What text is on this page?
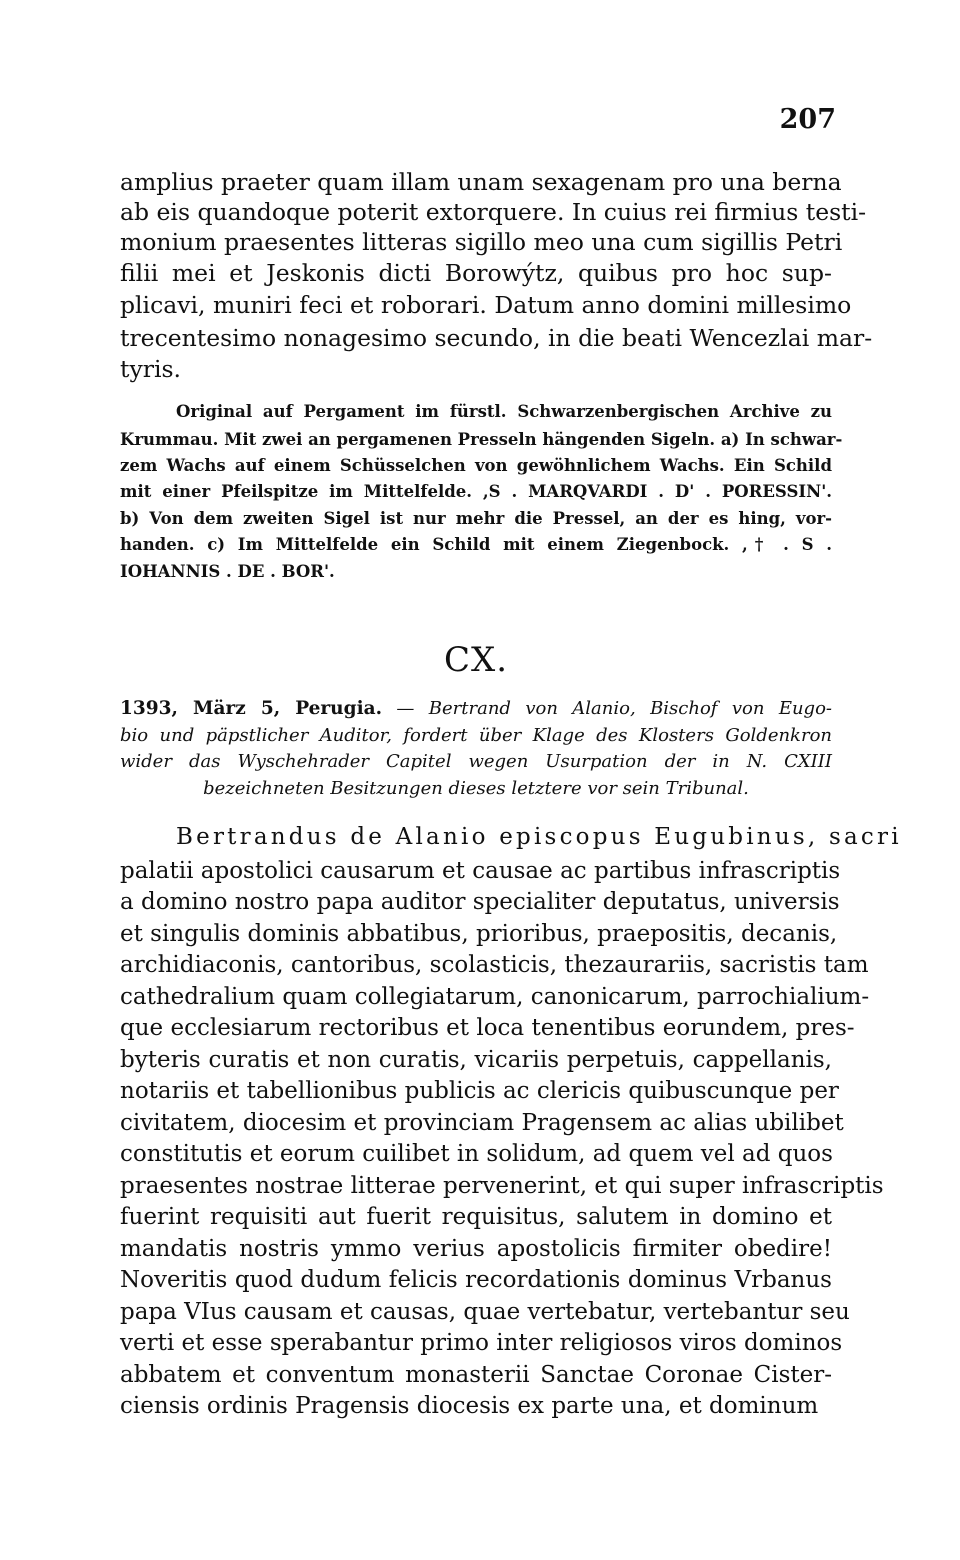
207
amplius praeter quam illam unam sexagenam pro una berna
ab eis quandoque poterit extorquere. In cuius rei firmius testi-
monium praesentes litteras sigillo meo una cum sigillis Petri
filii mei et Jeskonis dicti Borowýtz, quibus pro hoc sup-
plicavi, muniri feci et roborari. Datum anno domini millesimo
trecentesimo nonagesimo secundo, in die beati Wencezlai mar-
tyris.
Original auf Pergament im fürstl. Schwarzenbergischen Archive zu
Krummau. Mit zwei an pergamenen Presseln hängenden Sigeln. a) In schwar-
zem Wachs auf einem Schüsselchen von gewöhnlichem Wachs. Ein Schild
mit einer Pfeilspitze im Mittelfelde. ,S . MARQVARDI . D' . PORESSIN'.
b) Von dem zweiten Sigel ist nur mehr die Pressel, an der es hing, vor-
handen. c) Im Mittelfelde ein Schild mit einem Ziegenbock. ,† . S .
IOHANNIS . DE . BOR'.
CX.
1393, März 5, Perugia. — Bertrand von Alanio, Bischof von Eugo-
bio und päpstlicher Auditor, fordert über Klage des Klosters Goldenkron
wider das Wyschehrader Capitel wegen Usurpation der in N. CXIII
bezeichneten Besitzungen dieses letztere vor sein Tribunal.
Bertrandus de Alanio episcopus Eugubinus, sacri
palatii apostolici causarum et causae ac partibus infrascriptis
a domino nostro papa auditor specialiter deputatus, universis
et singulis dominis abbatibus, prioribus, praepositis, decanis,
archidiaconis, cantoribus, scolasticis, thezaurariis, sacristis tam
cathedralium quam collegiatarum, canonicarum, parrochialium-
que ecclesiarum rectoribus et loca tenentibus eorundem, pres-
byteris curatis et non curatis, vicariis perpetuis, cappellanis,
notariis et tabellionibus publicis ac clericis quibuscunque per
civitatem, diocesim et provinciam Pragensem ac alias ubilibet
constitutis et eorum cuilibet in solidum, ad quem vel ad quos
praesentes nostrae litterae pervenerint, et qui super infrascriptis
fuerint requisiti aut fuerit requisitus, salutem in domino et
mandatis nostris ymmo verius apostolicis firmiter obedire!
Noveritis quod dudum felicis recordationis dominus Vrbanus
papa VIus causam et causas, quae vertebatur, vertebantur seu
verti et esse sperabantur primo inter religiosos viros dominos
abbatem et conventum monasterii Sanctae Coronae Cister-
ciensis ordinis Pragensis diocesis ex parte una, et dominum
